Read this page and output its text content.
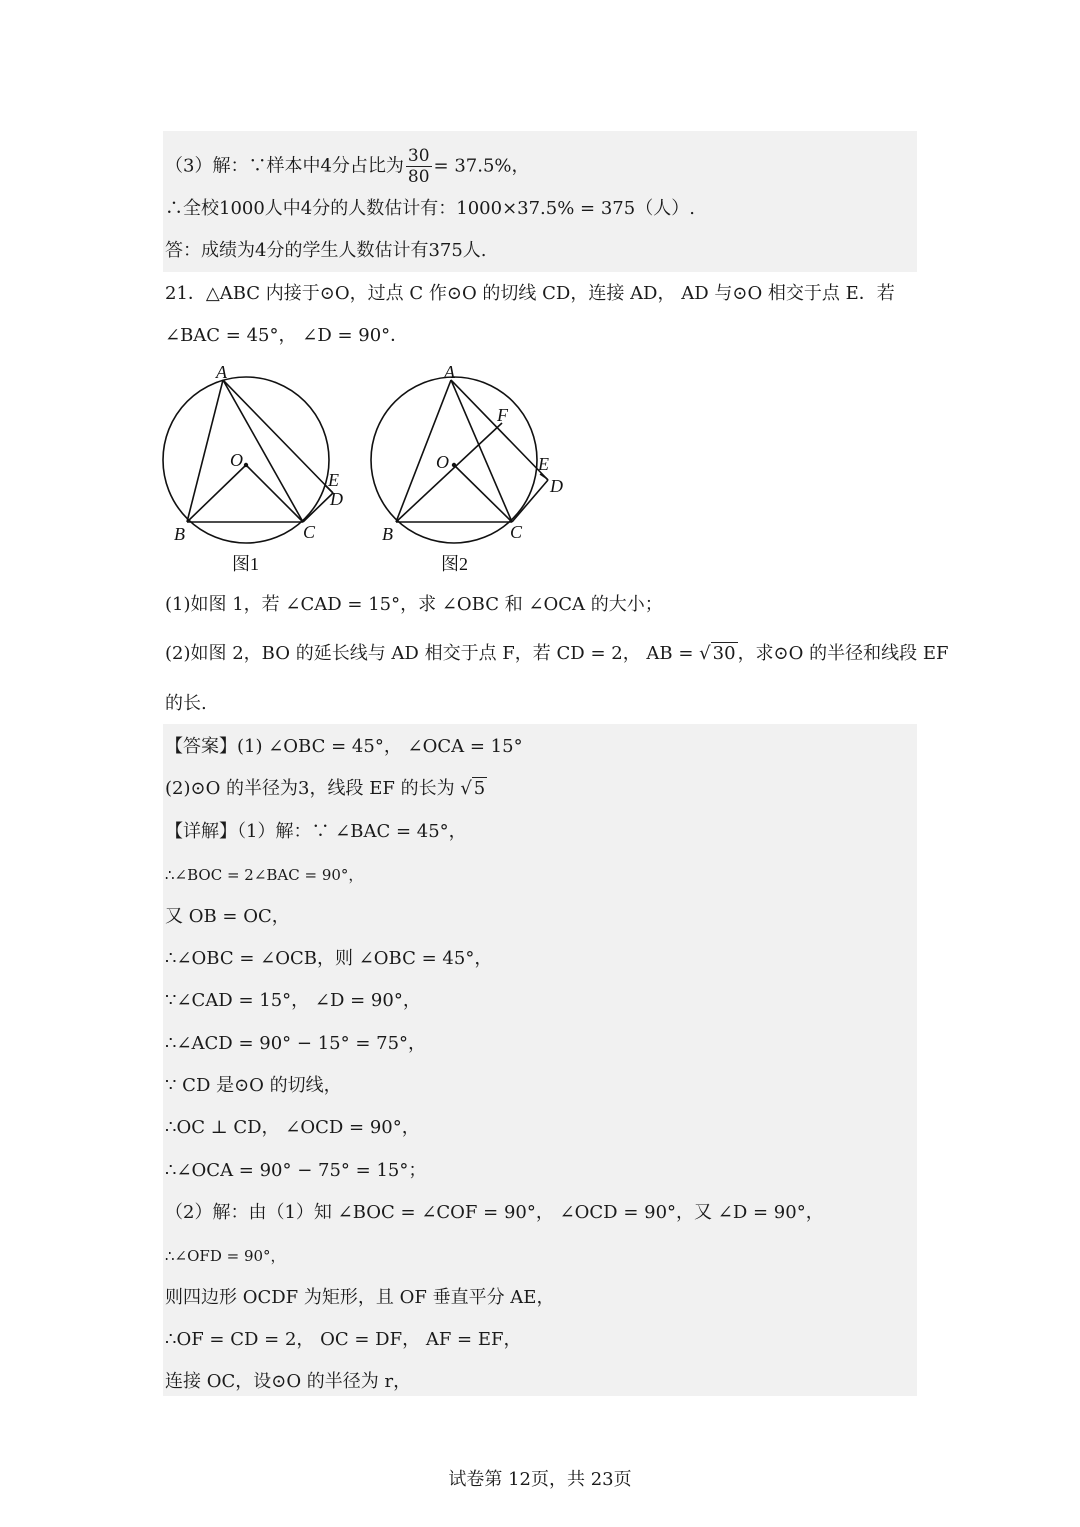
（3）解：∵样本中4分占比为 $\frac{30}{80} = 37.5\%$，
∴全校1000人中4分的人数估计有：1000×37.5% = 375（人）.
答：成绩为4分的学生人数估计有375人.
21．△ABC 内接于⊙O，过点 C 作⊙O 的切线 CD，连接 AD， AD 与⊙O 相交于点 E．若
∠BAC = 45°， ∠D = 90°．
A
B	C
D
E
O
A
B	C
D
E
O
F
图1	图2
(1)如图 1，若 ∠CAD = 15°，求 ∠OBC 和 ∠OCA 的大小；
(2)如图 2，BO 的延长线与 AD 相交于点 F，若 CD = 2， AB = √ 30 ，求⊙O 的半径和线段 EF
的长.
【答案】(1) ∠OBC = 45°， ∠OCA = 15°
(2)⊙O 的半径为3，线段 EF 的长为 √ 5
【详解】（1）解：∵ ∠BAC = 45°，
∴∠BOC = 2∠BAC = 90°，
又 OB = OC，
∴∠OBC = ∠OCB，则 ∠OBC = 45°，
∵∠CAD = 15°， ∠D = 90°，
∴∠ACD = 90° − 15° = 75°，
∵ CD 是⊙O 的切线，
∴OC ⊥ CD， ∠OCD = 90°，
∴∠OCA = 90° − 75° = 15°；
（2）解：由（1）知 ∠BOC = ∠COF = 90°， ∠OCD = 90°，又 ∠D = 90°，
∴∠OFD = 90°，
则四边形 OCDF 为矩形，且 OF 垂直平分 AE，
∴OF = CD = 2， OC = DF， AF = EF，
连接 OC，设⊙O 的半径为 r，
试卷第 12页，共 23页
